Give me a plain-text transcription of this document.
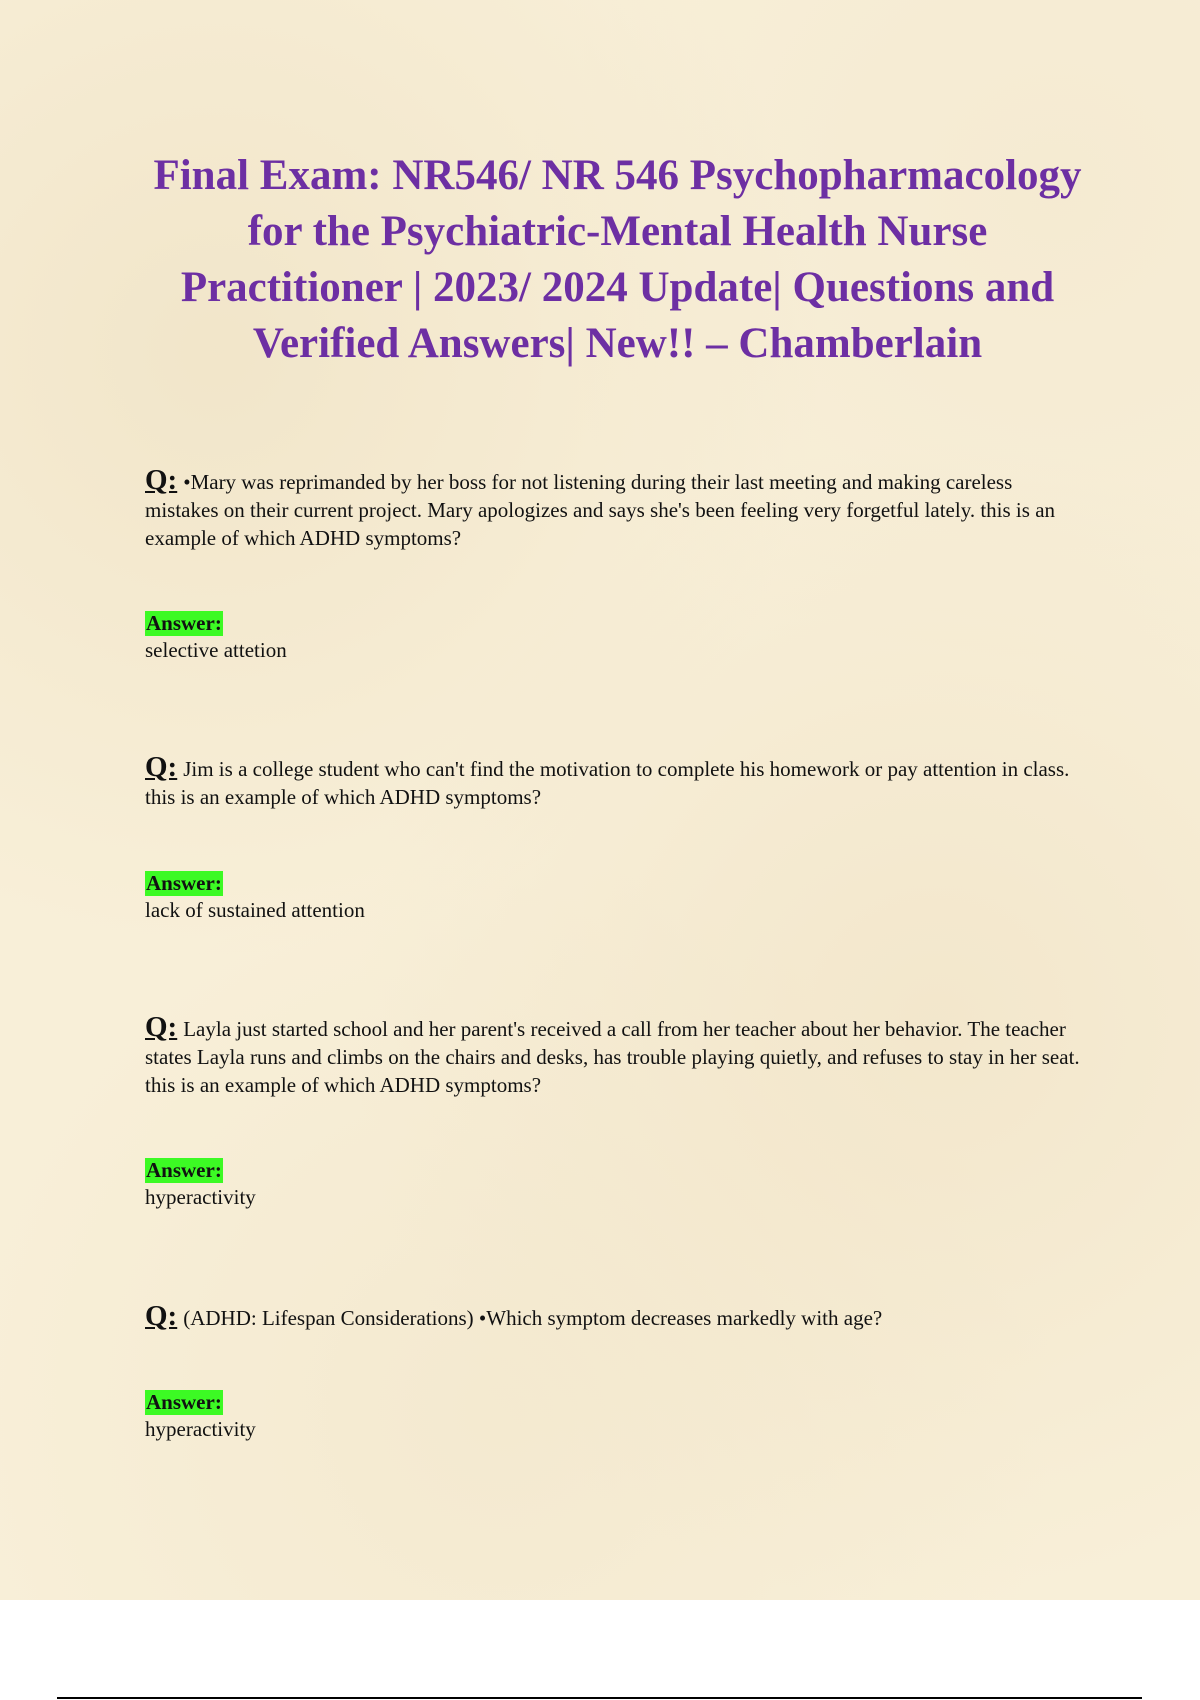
Final Exam: NR546/ NR 546 Psychopharmacology for the Psychiatric-Mental Health Nurse Practitioner | 2023/ 2024 Update| Questions and Verified Answers| New!! – Chamberlain

Q: •Mary was reprimanded by her boss for not listening during their last meeting and making careless mistakes on their current project. Mary apologizes and says she's been feeling very forgetful lately. this is an example of which ADHD symptoms?

Answer:
selective attetion

Q: Jim is a college student who can't find the motivation to complete his homework or pay attention in class. this is an example of which ADHD symptoms?

Answer:
lack of sustained attention

Q: Layla just started school and her parent's received a call from her teacher about her behavior. The teacher states Layla runs and climbs on the chairs and desks, has trouble playing quietly, and refuses to stay in her seat. this is an example of which ADHD symptoms?

Answer:
hyperactivity

Q: (ADHD: Lifespan Considerations) •Which symptom decreases markedly with age?

Answer:
hyperactivity
